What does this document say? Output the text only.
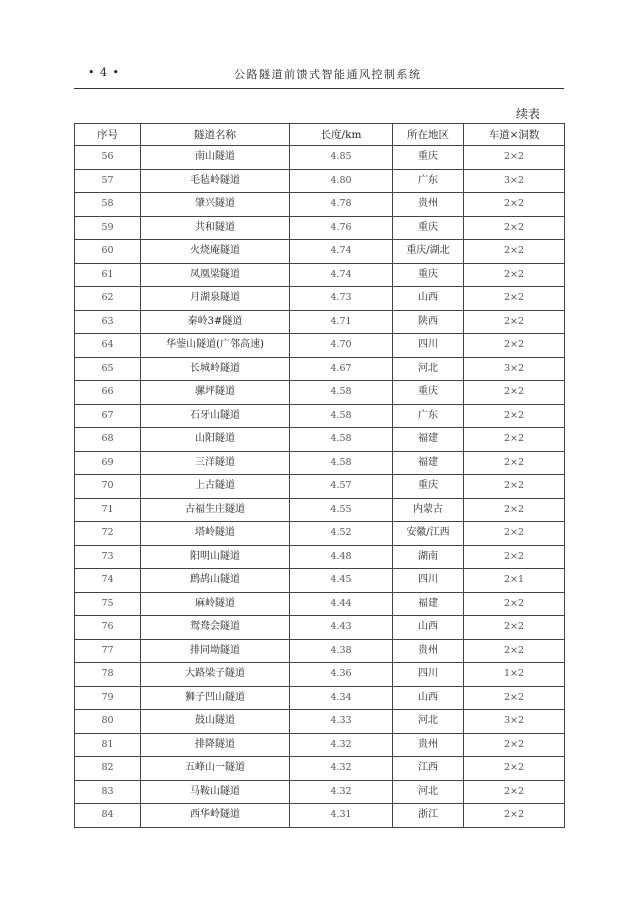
• 4 •	公路隧道前馈式智能通风控制系统
续表
序号	隧道名称	长度/km	所在地区	车道×洞数
56	南山隧道	4.85	重庆	2×2
57	毛毡岭隧道	4.80	广东	3×2
58	肇兴隧道	4.78	贵州	2×2
59	共和隧道	4.76	重庆	2×2
60	火烧庵隧道	4.74	重庆/湖北	2×2
61	凤凰梁隧道	4.74	重庆	2×2
62	月湖泉隧道	4.73	山西	2×2
63	秦岭3#隧道	4.71	陕西	2×2
64	华蓥山隧道(广邻高速)	4.70	四川	2×2
65	长城岭隧道	4.67	河北	3×2
66	骡坪隧道	4.58	重庆	2×2
67	石牙山隧道	4.58	广东	2×2
68	山阳隧道	4.58	福建	2×2
69	三洋隧道	4.58	福建	2×2
70	上古隧道	4.57	重庆	2×2
71	古福生庄隧道	4.55	内蒙古	2×2
72	塔岭隧道	4.52	安徽/江西	2×2
73	阳明山隧道	4.48	湖南	2×2
74	鹧鸪山隧道	4.45	四川	2×1
75	麻岭隧道	4.44	福建	2×2
76	鸳鸯会隧道	4.43	山西	2×2
77	排同坳隧道	4.38	贵州	2×2
78	大路梁子隧道	4.36	四川	1×2
79	狮子凹山隧道	4.34	山西	2×2
80	鼓山隧道	4.33	河北	3×2
81	排降隧道	4.32	贵州	2×2
82	五峰山一隧道	4.32	江西	2×2
83	马鞍山隧道	4.32	河北	2×2
84	西华岭隧道	4.31	浙江	2×2
